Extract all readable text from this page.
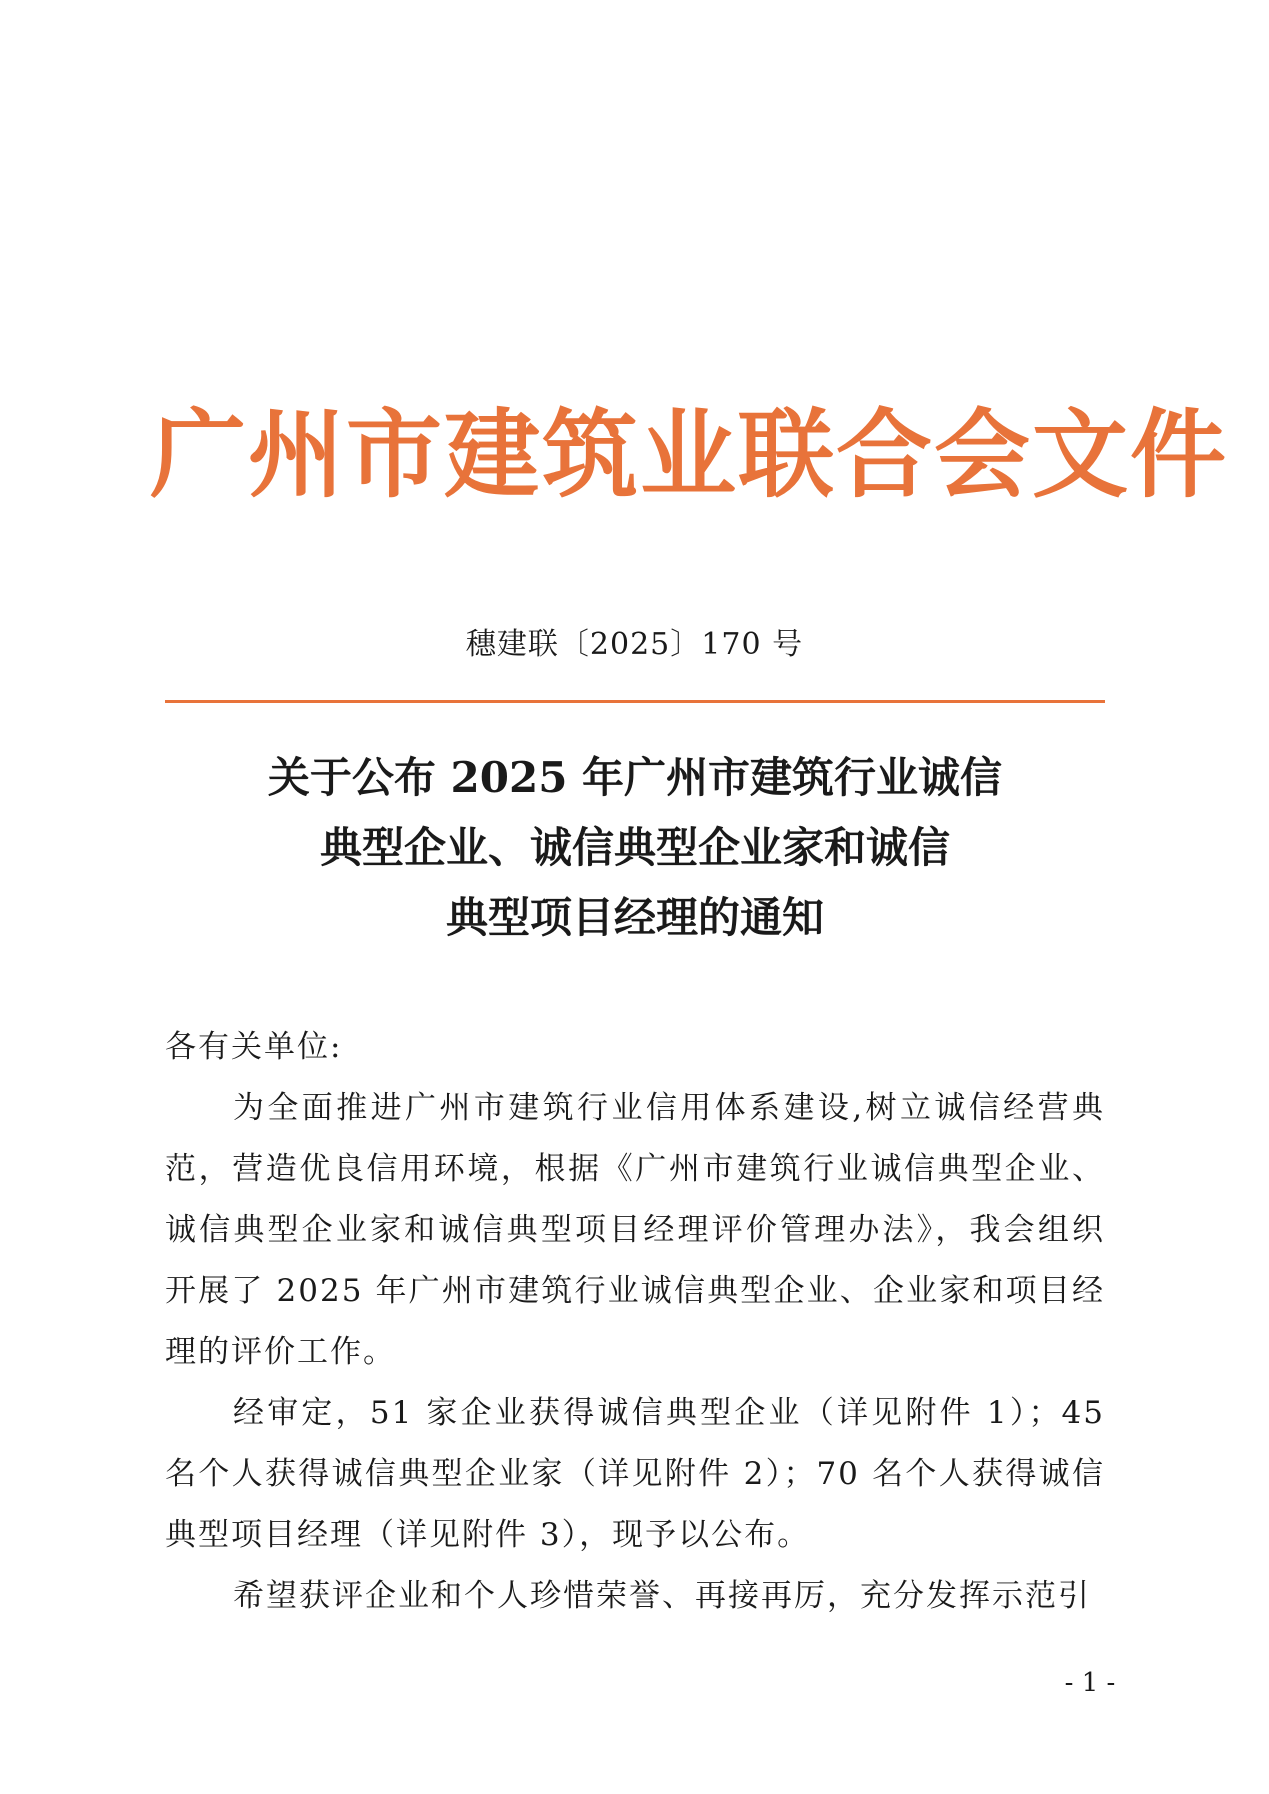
广州市建筑业联合会文件
穗建联〔2025〕170 号
关于公布 2025 年广州市建筑行业诚信
典型企业、诚信典型企业家和诚信
典型项目经理的通知

各有关单位:

为全面推进广州市建筑行业信用体系建设,树立诚信经营典范，营造优良信用环境，根据《广州市建筑行业诚信典型企业、诚信典型企业家和诚信典型项目经理评价管理办法》，我会组织开展了 2025 年广州市建筑行业诚信典型企业、企业家和项目经理的评价工作。

经审定，51 家企业获得诚信典型企业（详见附件 1）；45 名个人获得诚信典型企业家（详见附件 2）；70 名个人获得诚信典型项目经理（详见附件 3），现予以公布。

希望获评企业和个人珍惜荣誉、再接再厉，充分发挥示范引

- 1 -
